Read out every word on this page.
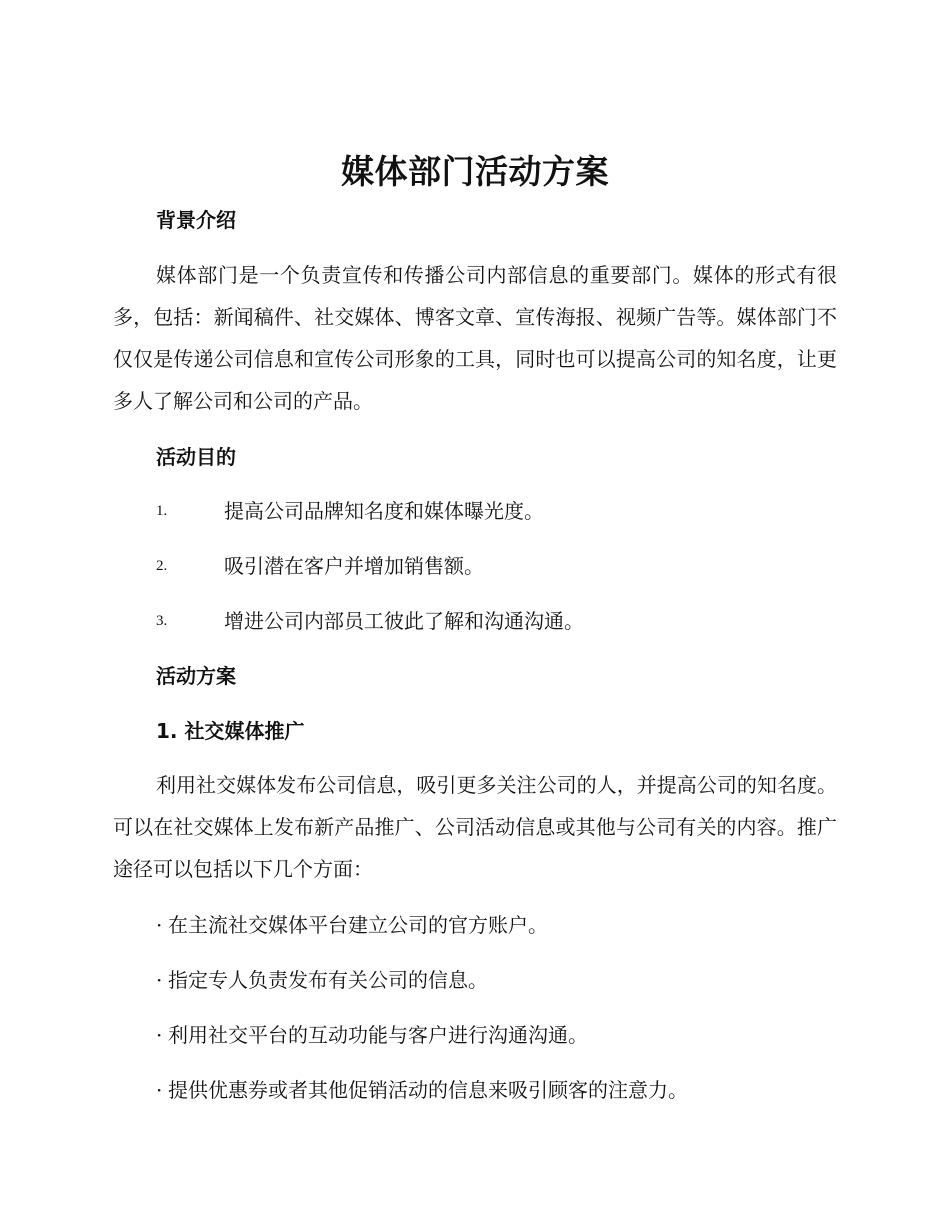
媒体部门活动方案
背景介绍
媒体部门是一个负责宣传和传播公司内部信息的重要部门。媒体的形式有很多，包括：新闻稿件、社交媒体、博客文章、宣传海报、视频广告等。媒体部门不仅仅是传递公司信息和宣传公司形象的工具，同时也可以提高公司的知名度，让更多人了解公司和公司的产品。
活动目的
1.	提高公司品牌知名度和媒体曝光度。
2.	吸引潜在客户并增加销售额。
3.	增进公司内部员工彼此了解和沟通沟通。
活动方案
1. 社交媒体推广
利用社交媒体发布公司信息，吸引更多关注公司的人，并提高公司的知名度。可以在社交媒体上发布新产品推广、公司活动信息或其他与公司有关的内容。推广途径可以包括以下几个方面：
· 在主流社交媒体平台建立公司的官方账户。
· 指定专人负责发布有关公司的信息。
· 利用社交平台的互动功能与客户进行沟通沟通。
· 提供优惠券或者其他促销活动的信息来吸引顾客的注意力。
